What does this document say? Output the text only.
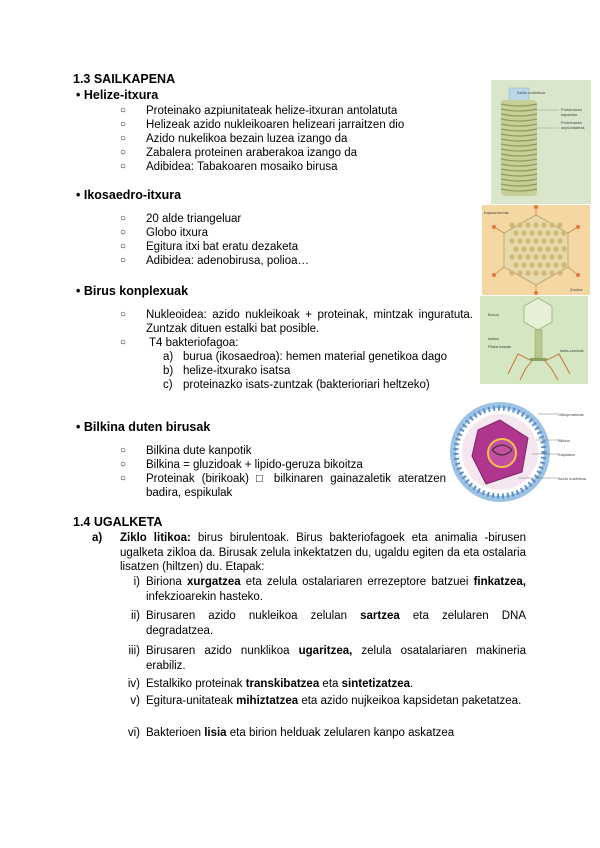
1.3 SAILKAPENA
• Helize-itxura
○ Proteinako azpiunitateak helize-itxuran antolatuta
○ Helizeak azido nukleikoaren helizeari jarraitzen dio
○ Azido nukelikoa bezain luzea izango da
○ Zabalera proteinen araberakoa izango da
○ Adibidea: Tabakoaren mosaiko birusa
• Ikosaedro-itxura
○ 20 alde triangeluar
○ Globo itxura
○ Egitura itxi bat eratu dezaketa
○ Adibidea: adenobirusa, polioa…
• Birus konplexuak
○ Nukleoidea: azido nukleikoak + proteinak, mintzak inguratuta. Zuntzak dituen estalki bat posible.
○ T4 bakteriofagoa:
a) burua (ikosaedroa): hemen material genetikoa dago
b) helize-itxurako isatsa
c) proteinazko isats-zuntzak (bakterioriari heltzeko)
• Bilkina duten birusak
○ Bilkina dute kanpotik
○ Bilkina = gluzidoak + lipido-geruza bikoitza
○ Proteinak (birikoak) □ bilkinaren gainazaletik ateratzen badira, espikulak
1.4 UGALKETA
a) Ziklo litikoa: birus birulentoak. Birus bakteriofagoek eta animalia -birusen ugalketa zikloa da. Birusak zelula inkektatzen du, ugaldu egiten da eta ostalaria lisatzen (hiltzen) du. Etapak:
i) Biriona xurgatzea eta zelula ostalariaren errezeptore batzuei finkatzea, infekzioarekin hasteko.
ii) Birusaren azido nukleikoa zelulan sartzea eta zelularen DNA degradatzea.
iii) Birusaren azido nunklikoa ugaritzea, zelula osatalariaren makineria erabiliz.
iv) Estalkiko proteinak transkibatzea eta sintetizatzea.
v) Egitura-unitateak mihiztatzea eta azido nujkeikoa kapsidetan paketatzea.
vi) Bakterioen lisia eta birion helduak zelularen kanpo askatzea
Proteinazko kapsidea
Proteinazko azpiunitateak
Azido nukleikoa
Kapsomeroak
Zuntza
Burua
Isatsa
Plaka basala
Isats-zuntzak
Glikoproteinak
Bilkina
Kapsidea
Azido nukleikoa
